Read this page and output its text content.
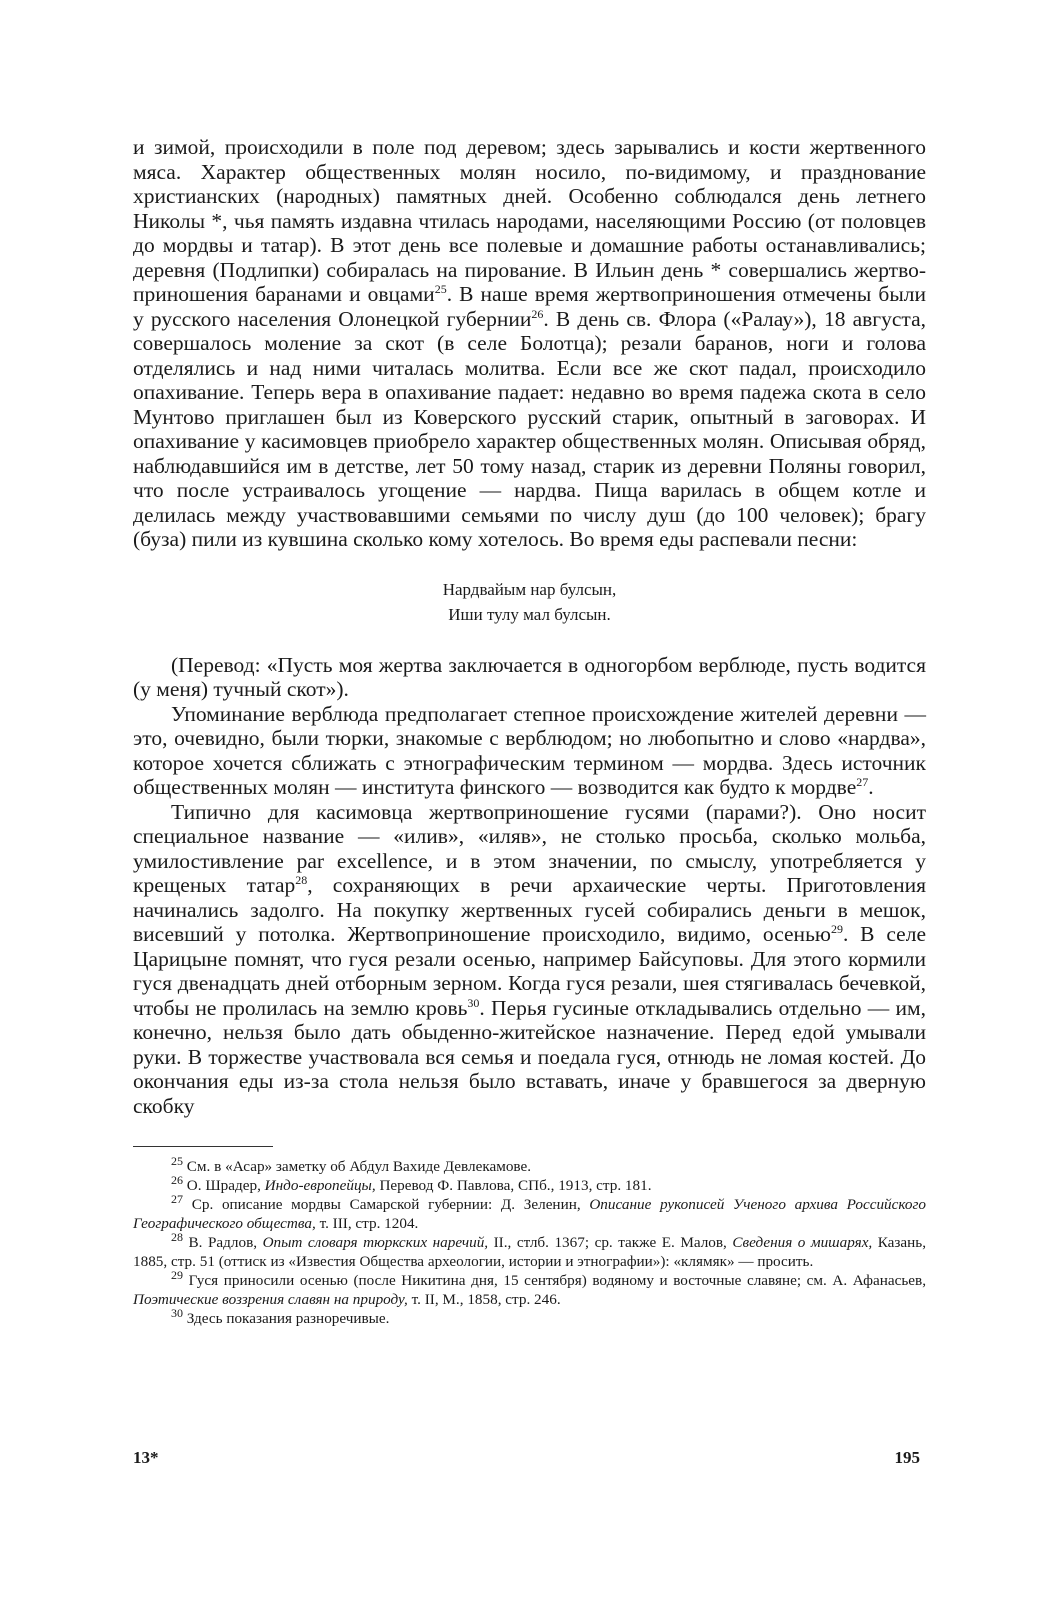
и зимой, происходили в поле под деревом; здесь зарывались и кости жертвенного мяса. Характер общественных молян носило, по-видимому, и празднование христианских (народных) памятных дней. Особенно соблюдался день летнего Николы *, чья память издавна чтилась народами, населяющими Россию (от половцев до мордвы и татар). В этот день все полевые и домашние работы останавливались; деревня (Подлипки) собиралась на пирование. В Ильин день * совершались жертвоприношения баранами и овцами$^{25}$. В наше время жертвоприношения отмечены были у русского населения Олонецкой губернии$^{26}$. В день св. Флора («Ралау»), 18 августа, совершалось моление за скот (в селе Болотца); резали баранов, ноги и голова отделялись и над ними читалась молитва. Если все же скот падал, происходило опахивание. Теперь вера в опахивание падает: недавно во время падежа скота в село Мунтово приглашен был из Коверского русский старик, опытный в заговорах. И опахивание у касимовцев приобрело характер общественных молян. Описывая обряд, наблюдавшийся им в детстве, лет 50 тому назад, старик из деревни Поляны говорил, что после устраивалось угощение — нардва. Пища варилась в общем котле и делилась между участвовавшими семьями по числу душ (до 100 человек); брагу (буза) пили из кувшина сколько кому хотелось. Во время еды распевали песни:

Нардвайым нар булсын,
Иши тулу мал булсын.

(Перевод: «Пусть моя жертва заключается в одногорбом верблюде, пусть водится (у меня) тучный скот»).

Упоминание верблюда предполагает степное происхождение жителей деревни — это, очевидно, были тюрки, знакомые с верблюдом; но любопытно и слово «нардва», которое хочется сближать с этнографическим термином — мордва. Здесь источник общественных молян — института финского — возводится как будто к мордве$^{27}$.

Типично для касимовца жертвоприношение гусями (парами?). Оно носит специальное название — «илив», «иляв», не столько просьба, сколько мольба, умилостивление par excellence, и в этом значении, по смыслу, употребляется у крещеных татар$^{28}$, сохраняющих в речи архаические черты. Приготовления начинались задолго. На покупку жертвенных гусей собирались деньги в мешок, висевший у потолка. Жертвоприношение происходило, видимо, осенью$^{29}$. В селе Царицыне помнят, что гуся резали осенью, например Байсуповы. Для этого кормили гуся двенадцать дней отборным зерном. Когда гуся резали, шея стягивалась бечевкой, чтобы не пролилась на землю кровь$^{30}$. Перья гусиные откладывались отдельно — им, конечно, нельзя было дать обыденно-житейское назначение. Перед едой умывали руки. В торжестве участвовала вся семья и поедала гуся, отнюдь не ломая костей. До окончания еды из-за стола нельзя было вставать, иначе у бравшегося за дверную скобку

$^{25}$ См. в «Асар» заметку об Абдул Вахиде Девлекамове.

$^{26}$ О. Шрадер, Индо-европейцы, Перевод Ф. Павлова, СПб., 1913, стр. 181.

$^{27}$ Ср. описание мордвы Самарской губернии: Д. Зеленин, Описание рукописей Ученого архива Российского Географического общества, т. III, стр. 1204.

$^{28}$ В. Радлов, Опыт словаря тюркских наречий, II., стлб. 1367; ср. также Е. Малов, Сведения о мишарях, Казань, 1885, стр. 51 (оттиск из «Известия Общества археологии, истории и этнографии»): «клямяк» — просить.

$^{29}$ Гуся приносили осенью (после Никитина дня, 15 сентября) водяному и восточные славяне; см. А. Афанасьев, Поэтические воззрения славян на природу, т. II, М., 1858, стр. 246.

$^{30}$ Здесь показания разноречивые.

13*	195
